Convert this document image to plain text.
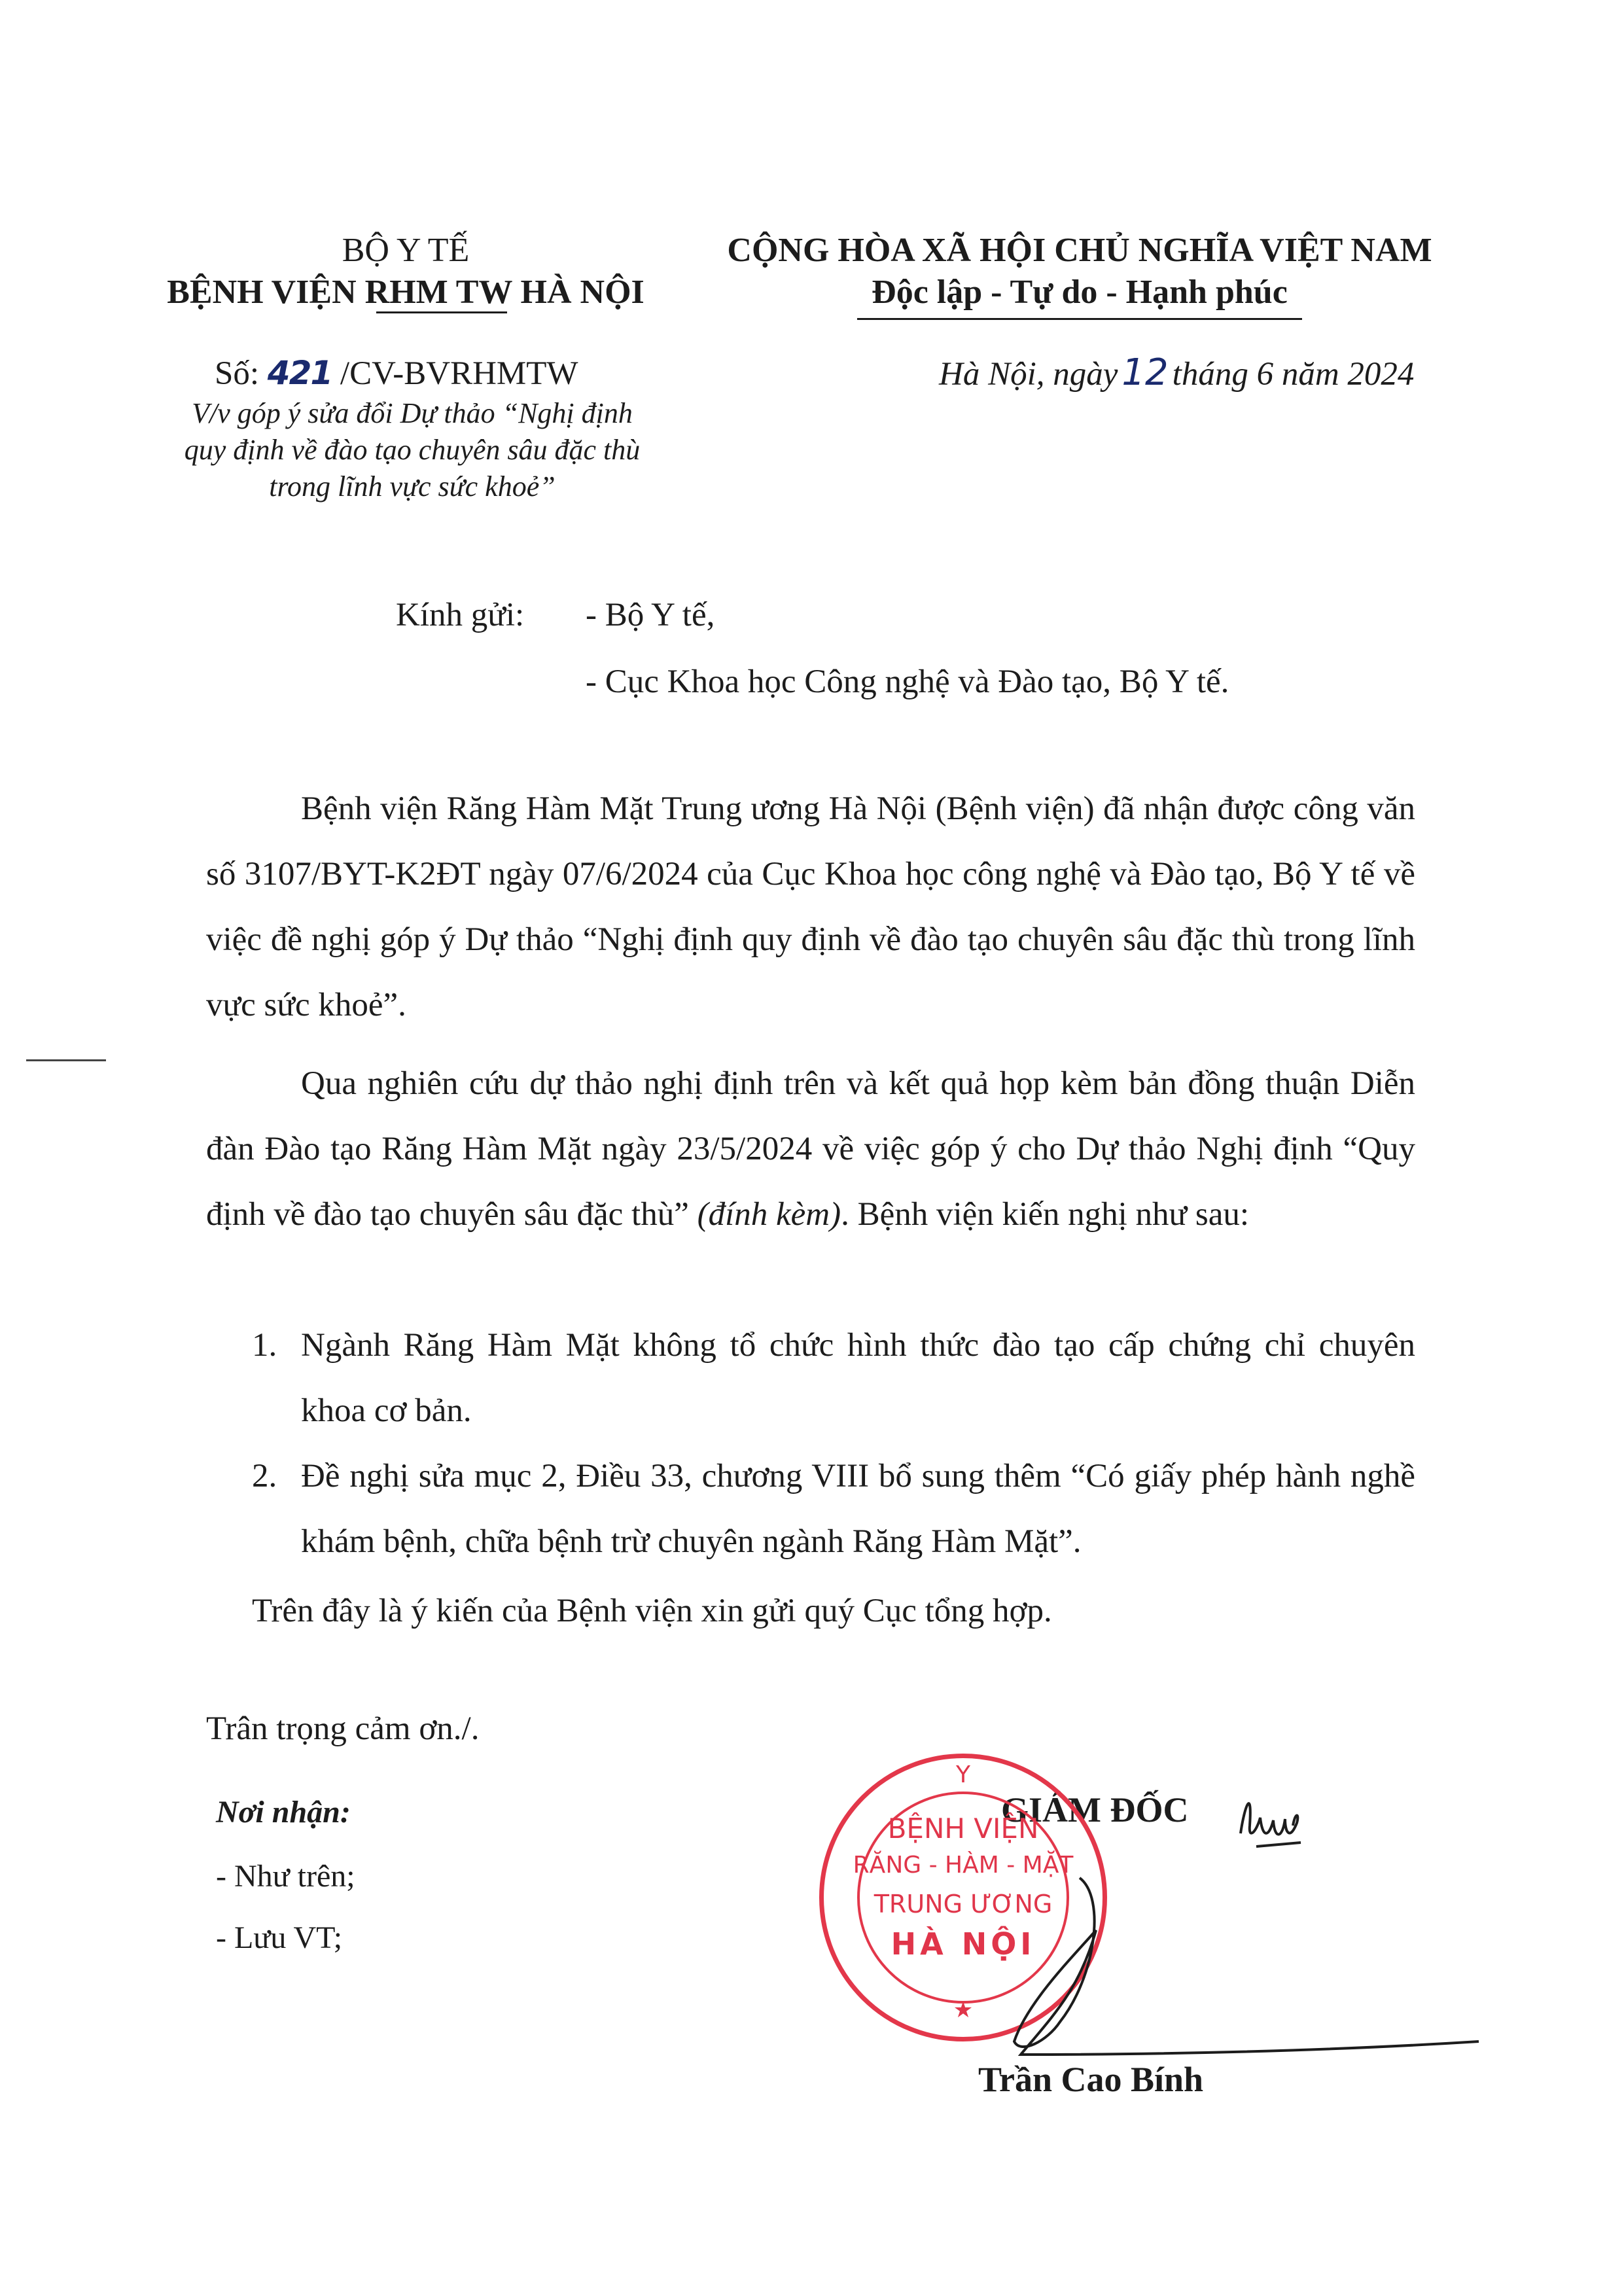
BỘ Y TẾ
BỆNH VIỆN RHM TW HÀ NỘI
CỘNG HÒA XÃ HỘI CHỦ NGHĨA VIỆT NAM
Độc lập - Tự do - Hạnh phúc
Số: 421 /CV-BVRHMTW
V/v góp ý sửa đổi Dự thảo “Nghị định
quy định về đào tạo chuyên sâu đặc thù
trong lĩnh vực sức khoẻ”
Hà Nội, ngày 12 tháng 6 năm 2024
Kính gửi: - Bộ Y tế,
- Cục Khoa học Công nghệ và Đào tạo, Bộ Y tế.
Bệnh viện Răng Hàm Mặt Trung ương Hà Nội (Bệnh viện) đã nhận được công văn số 3107/BYT-K2ĐT ngày 07/6/2024 của Cục Khoa học công nghệ và Đào tạo, Bộ Y tế về việc đề nghị góp ý Dự thảo “Nghị định quy định về đào tạo chuyên sâu đặc thù trong lĩnh vực sức khoẻ”.
Qua nghiên cứu dự thảo nghị định trên và kết quả họp kèm bản đồng thuận Diễn đàn Đào tạo Răng Hàm Mặt ngày 23/5/2024 về việc góp ý cho Dự thảo Nghị định “Quy định về đào tạo chuyên sâu đặc thù” (đính kèm). Bệnh viện kiến nghị như sau:
1. Ngành Răng Hàm Mặt không tổ chức hình thức đào tạo cấp chứng chỉ chuyên khoa cơ bản.
2. Đề nghị sửa mục 2, Điều 33, chương VIII bổ sung thêm “Có giấy phép hành nghề khám bệnh, chữa bệnh trừ chuyên ngành Răng Hàm Mặt”.
Trên đây là ý kiến của Bệnh viện xin gửi quý Cục tổng hợp.
Trân trọng cảm ơn./.
Nơi nhận:
- Như trên;
- Lưu VT;
GIÁM ĐỐC
Y
BỆNH VIỆN
RĂNG - HÀM - MẶT
TRUNG ƯƠNG
HÀ NỘI
★
Trần Cao Bính
